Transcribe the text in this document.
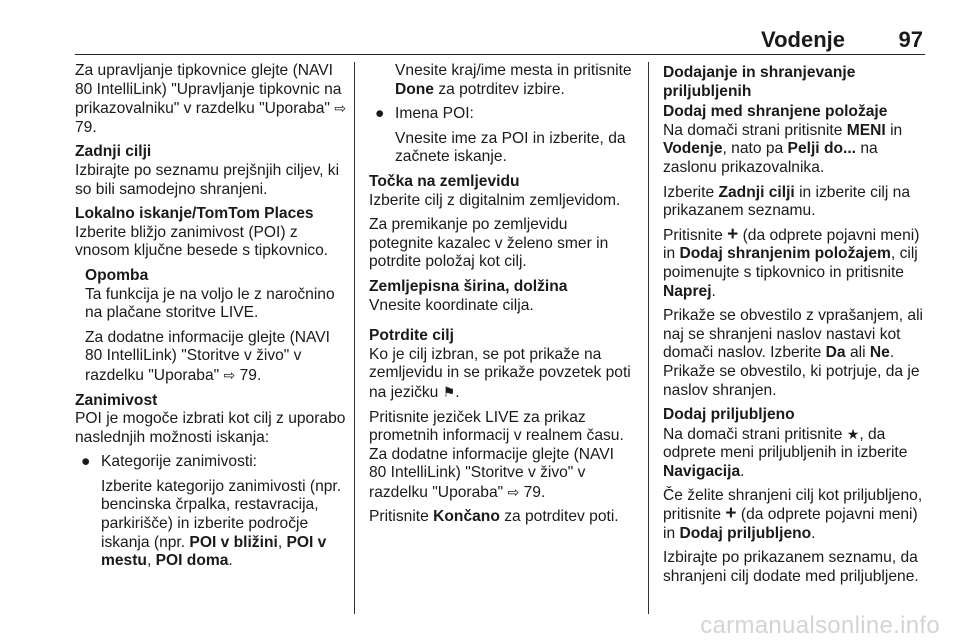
Vodenje 97

Za upravljanje tipkovnice glejte (NAVI 80 IntelliLink) "Upravljanje tipkovnic na prikazovalniku" v razdelku "Uporaba" ⇨ 79.

Zadnji cilji

Izbirajte po seznamu prejšnjih ciljev, ki so bili samodejno shranjeni.

Lokalno iskanje/TomTom Places

Izberite bližjo zanimivost (POI) z vnosom ključne besede s tipkovnico.

Opomba

Ta funkcija je na voljo le z naročnino na plačane storitve LIVE.

Za dodatne informacije glejte (NAVI 80 IntelliLink) "Storitve v živo" v razdelku "Uporaba" ⇨ 79.

Zanimivost

POI je mogoče izbrati kot cilj z uporabo naslednjih možnosti iskanja:

● Kategorije zanimivosti:

Izberite kategorijo zanimivosti (npr. bencinska črpalka, restavracija, parkirišče) in izberite področje iskanja (npr. POI v bližini, POI v mestu, POI doma.

Vnesite kraj/ime mesta in pritisnite Done za potrditev izbire.

● Imena POI:

Vnesite ime za POI in izberite, da začnete iskanje.

Točka na zemljevidu

Izberite cilj z digitalnim zemljevidom.

Za premikanje po zemljevidu potegnite kazalec v želeno smer in potrdite položaj kot cilj.

Zemljepisna širina, dolžina

Vnesite koordinate cilja.

Potrdite cilj

Ko je cilj izbran, se pot prikaže na zemljevidu in se prikaže povzetek poti na jezičku ⚑.

Pritisnite jeziček LIVE za prikaz prometnih informacij v realnem času. Za dodatne informacije glejte (NAVI 80 IntelliLink) "Storitve v živo" v razdelku "Uporaba" ⇨ 79.

Pritisnite Končano za potrditev poti.

Dodajanje in shranjevanje priljubljenih

Dodaj med shranjene položaje

Na domači strani pritisnite MENI in Vodenje, nato pa Pelji do... na zaslonu prikazovalnika.

Izberite Zadnji cilji in izberite cilj na prikazanem seznamu.

Pritisnite + (da odprete pojavni meni) in Dodaj shranjenim položajem, cilj poimenujte s tipkovnico in pritisnite Naprej.

Prikaže se obvestilo z vprašanjem, ali naj se shranjeni naslov nastavi kot domači naslov. Izberite Da ali Ne. Prikaže se obvestilo, ki potrjuje, da je naslov shranjen.

Dodaj priljubljeno

Na domači strani pritisnite ★, da odprete meni priljubljenih in izberite Navigacija.

Če želite shranjeni cilj kot priljubljeno, pritisnite + (da odprete pojavni meni) in Dodaj priljubljeno.

Izbirajte po prikazanem seznamu, da shranjeni cilj dodate med priljubljene.

carmanualsonline.info
